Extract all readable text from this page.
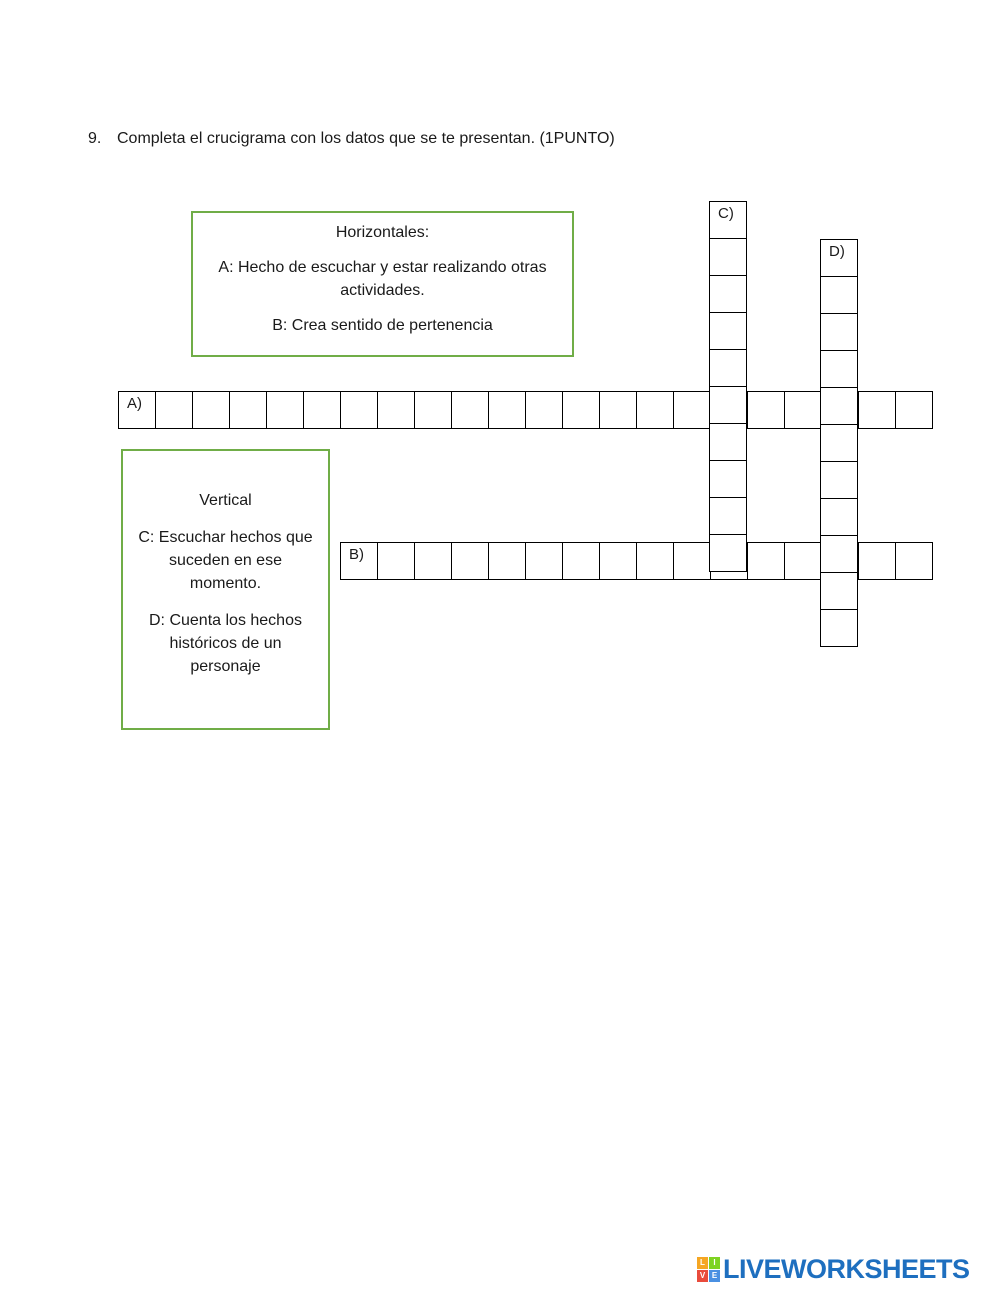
9. Completa el crucigrama con los datos que se te presentan. (1PUNTO)

Horizontales:

A: Hecho de escuchar y estar realizando otras actividades.

B: Crea sentido de pertenencia

Vertical

C: Escuchar hechos que suceden en ese momento.

D: Cuenta los hechos históricos de un personaje

A)
B)
C)
D)
L	I
V E LIVEWORKSHEETS
